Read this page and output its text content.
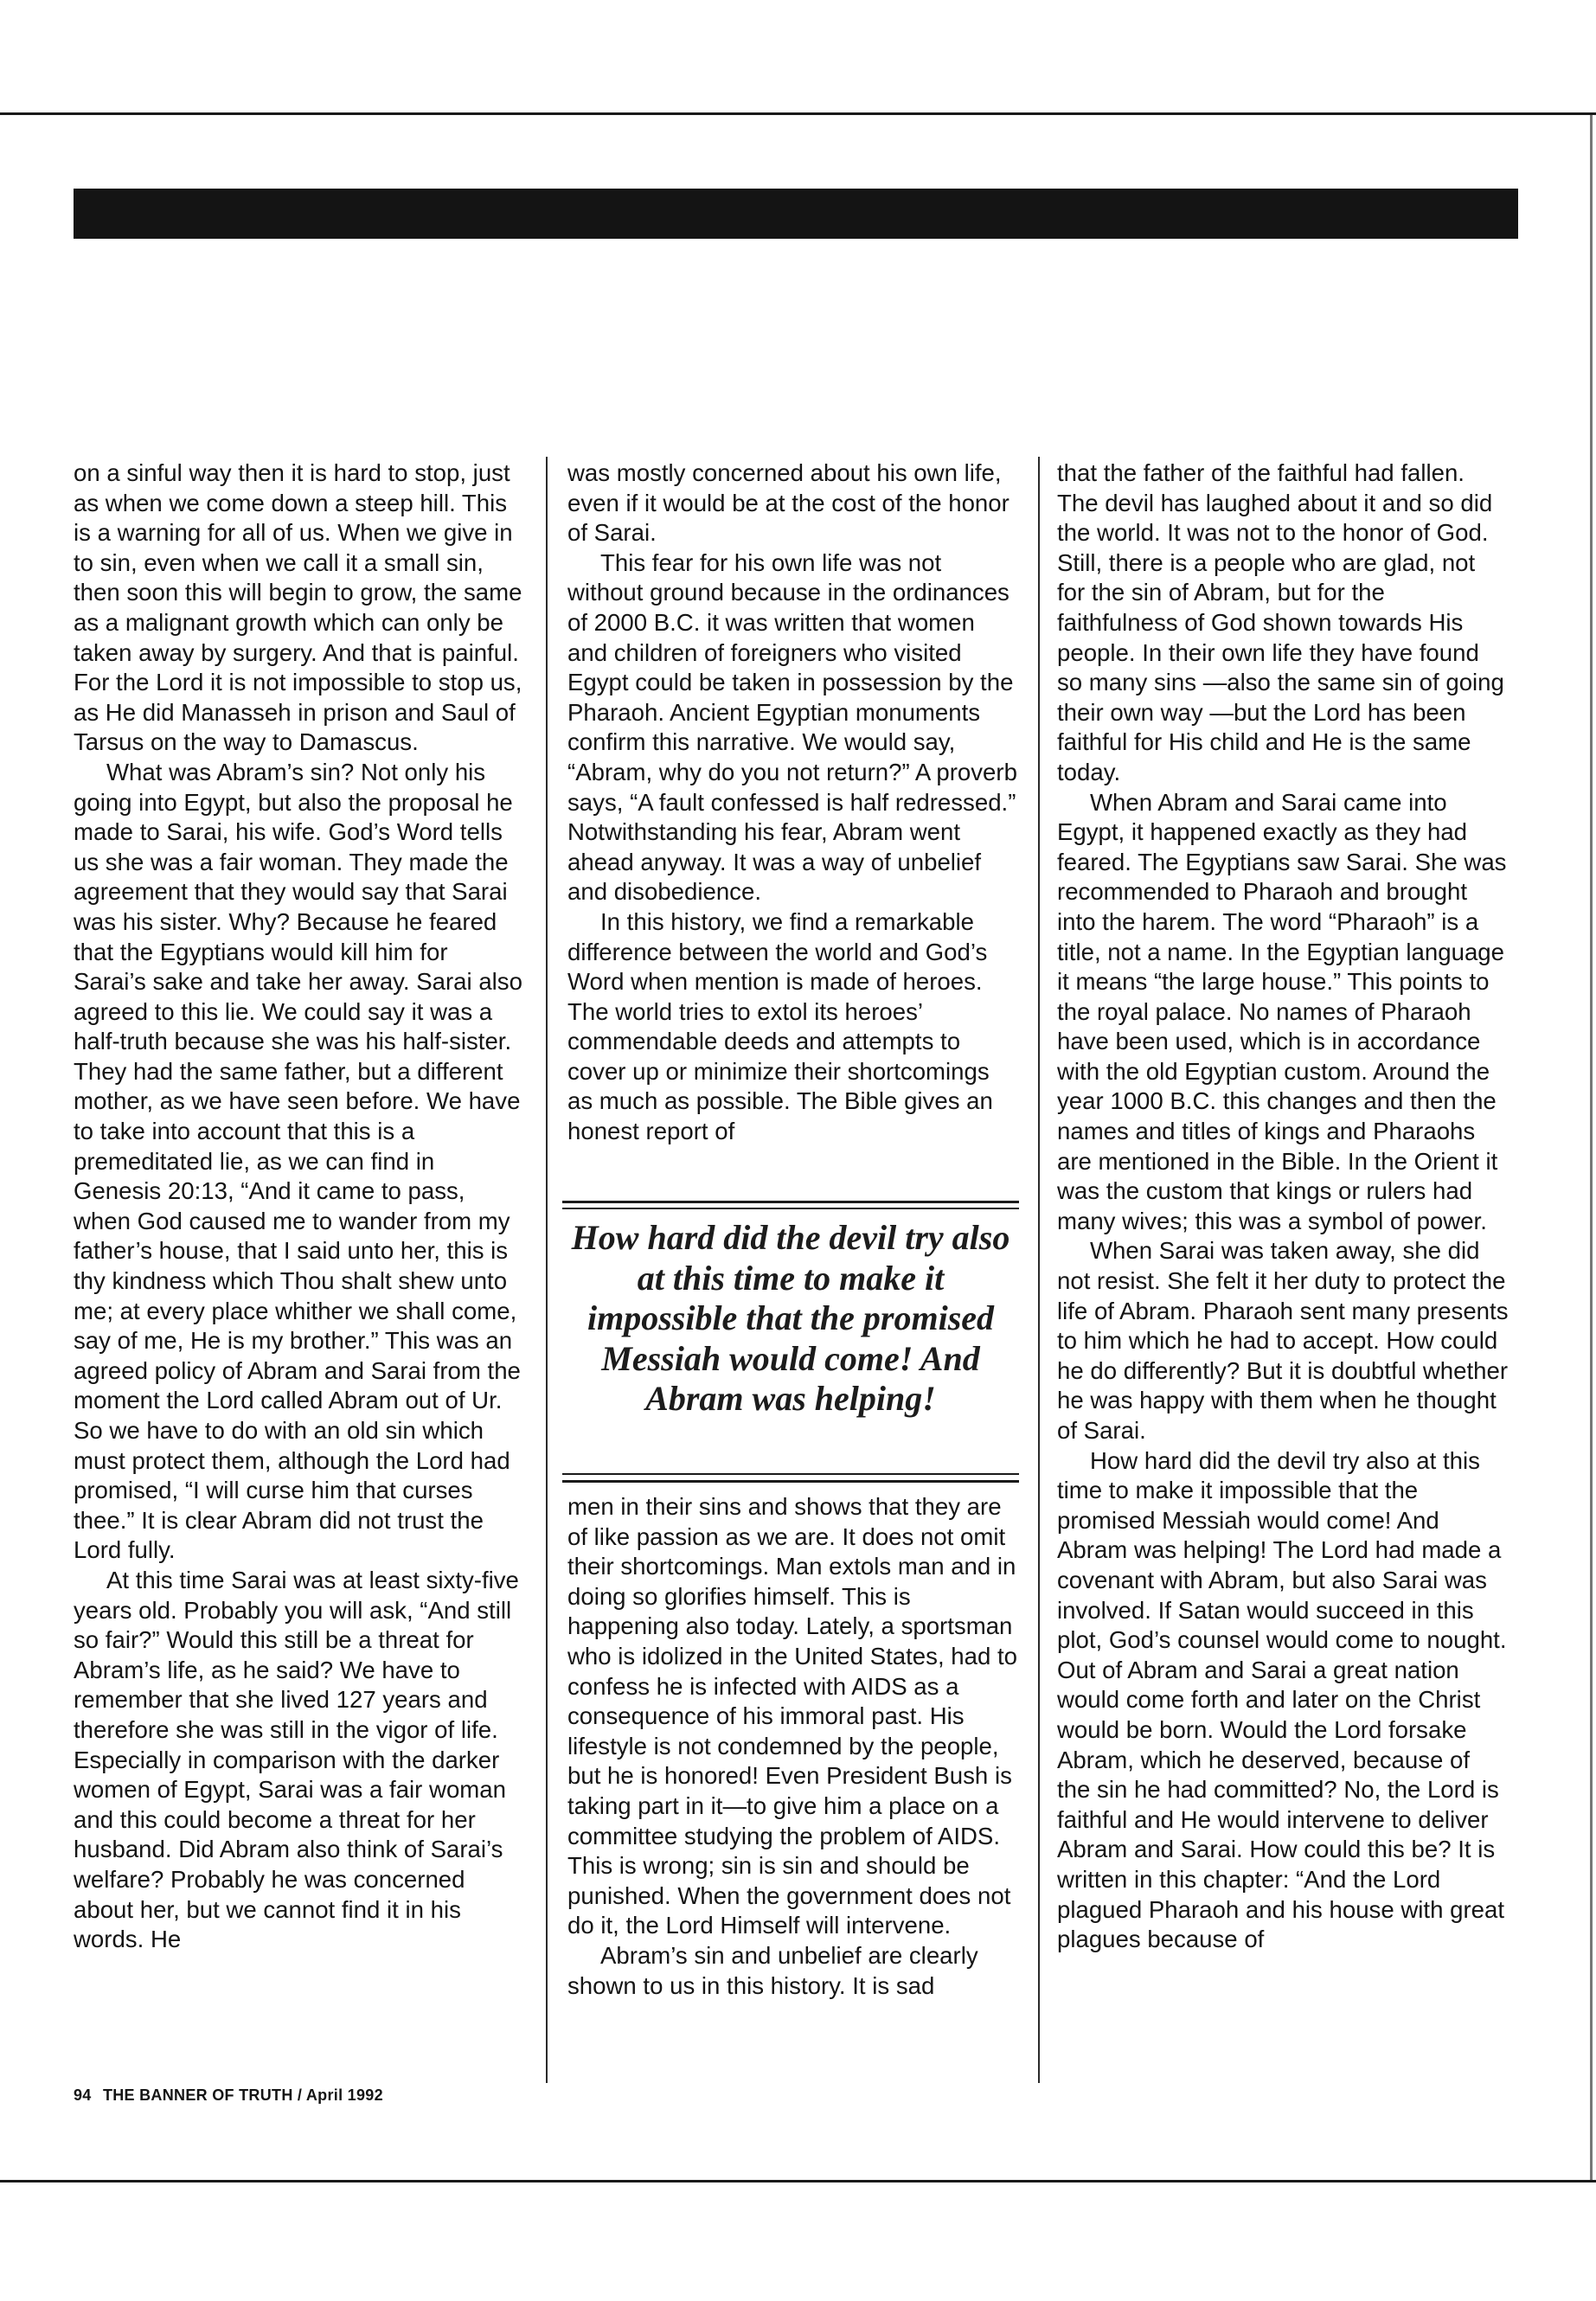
on a sinful way then it is hard to stop, just as when we come down a steep hill. This is a warning for all of us. When we give in to sin, even when we call it a small sin, then soon this will begin to grow, the same as a malignant growth which can only be taken away by surgery. And that is painful. For the Lord it is not impossible to stop us, as He did Manasseh in prison and Saul of Tarsus on the way to Damascus.

What was Abram’s sin? Not only his going into Egypt, but also the proposal he made to Sarai, his wife. God’s Word tells us she was a fair woman. They made the agreement that they would say that Sarai was his sister. Why? Because he feared that the Egyptians would kill him for Sarai’s sake and take her away. Sarai also agreed to this lie. We could say it was a half-truth because she was his half-sister. They had the same father, but a different mother, as we have seen before. We have to take into account that this is a premeditated lie, as we can find in Genesis 20:13, “And it came to pass, when God caused me to wander from my father’s house, that I said unto her, this is thy kindness which Thou shalt shew unto me; at every place whither we shall come, say of me, He is my brother.” This was an agreed policy of Abram and Sarai from the moment the Lord called Abram out of Ur. So we have to do with an old sin which must protect them, although the Lord had promised, “I will curse him that curses thee.” It is clear Abram did not trust the Lord fully.

At this time Sarai was at least sixty-five years old. Probably you will ask, “And still so fair?” Would this still be a threat for Abram’s life, as he said? We have to remember that she lived 127 years and therefore she was still in the vigor of life. Especially in comparison with the darker women of Egypt, Sarai was a fair woman and this could become a threat for her husband. Did Abram also think of Sarai’s welfare? Probably he was concerned about her, but we cannot find it in his words. He

was mostly concerned about his own life, even if it would be at the cost of the honor of Sarai.

This fear for his own life was not without ground because in the ordinances of 2000 B.C. it was written that women and children of foreigners who visited Egypt could be taken in possession by the Pharaoh. Ancient Egyptian monuments confirm this narrative. We would say, “Abram, why do you not return?” A proverb says, “A fault confessed is half redressed.” Notwithstanding his fear, Abram went ahead anyway. It was a way of unbelief and disobedience.

In this history, we find a remarkable difference between the world and God’s Word when mention is made of heroes. The world tries to extol its heroes’ commendable deeds and attempts to cover up or minimize their shortcomings as much as possible. The Bible gives an honest report of

How hard did the devil try also at this time to make it impossible that the promised Messiah would come! And Abram was helping!

men in their sins and shows that they are of like passion as we are. It does not omit their shortcomings. Man extols man and in doing so glorifies himself. This is happening also today. Lately, a sportsman who is idolized in the United States, had to confess he is infected with AIDS as a consequence of his immoral past. His lifestyle is not condemned by the people, but he is honored! Even President Bush is taking part in it—to give him a place on a committee studying the problem of AIDS. This is wrong; sin is sin and should be punished. When the government does not do it, the Lord Himself will intervene.

Abram’s sin and unbelief are clearly shown to us in this history. It is sad

that the father of the faithful had fallen. The devil has laughed about it and so did the world. It was not to the honor of God. Still, there is a people who are glad, not for the sin of Abram, but for the faithfulness of God shown towards His people. In their own life they have found so many sins —also the same sin of going their own way —but the Lord has been faithful for His child and He is the same today.

When Abram and Sarai came into Egypt, it happened exactly as they had feared. The Egyptians saw Sarai. She was recommended to Pharaoh and brought into the harem. The word “Pharaoh” is a title, not a name. In the Egyptian language it means “the large house.” This points to the royal palace. No names of Pharaoh have been used, which is in accordance with the old Egyptian custom. Around the year 1000 B.C. this changes and then the names and titles of kings and Pharaohs are mentioned in the Bible. In the Orient it was the custom that kings or rulers had many wives; this was a symbol of power.

When Sarai was taken away, she did not resist. She felt it her duty to protect the life of Abram. Pharaoh sent many presents to him which he had to accept. How could he do differently? But it is doubtful whether he was happy with them when he thought of Sarai.

How hard did the devil try also at this time to make it impossible that the promised Messiah would come! And Abram was helping! The Lord had made a covenant with Abram, but also Sarai was involved. If Satan would succeed in this plot, God’s counsel would come to nought. Out of Abram and Sarai a great nation would come forth and later on the Christ would be born. Would the Lord forsake Abram, which he deserved, because of the sin he had committed? No, the Lord is faithful and He would intervene to deliver Abram and Sarai. How could this be? It is written in this chapter: “And the Lord plagued Pharaoh and his house with great plagues because of

94 THE BANNER OF TRUTH / April 1992
